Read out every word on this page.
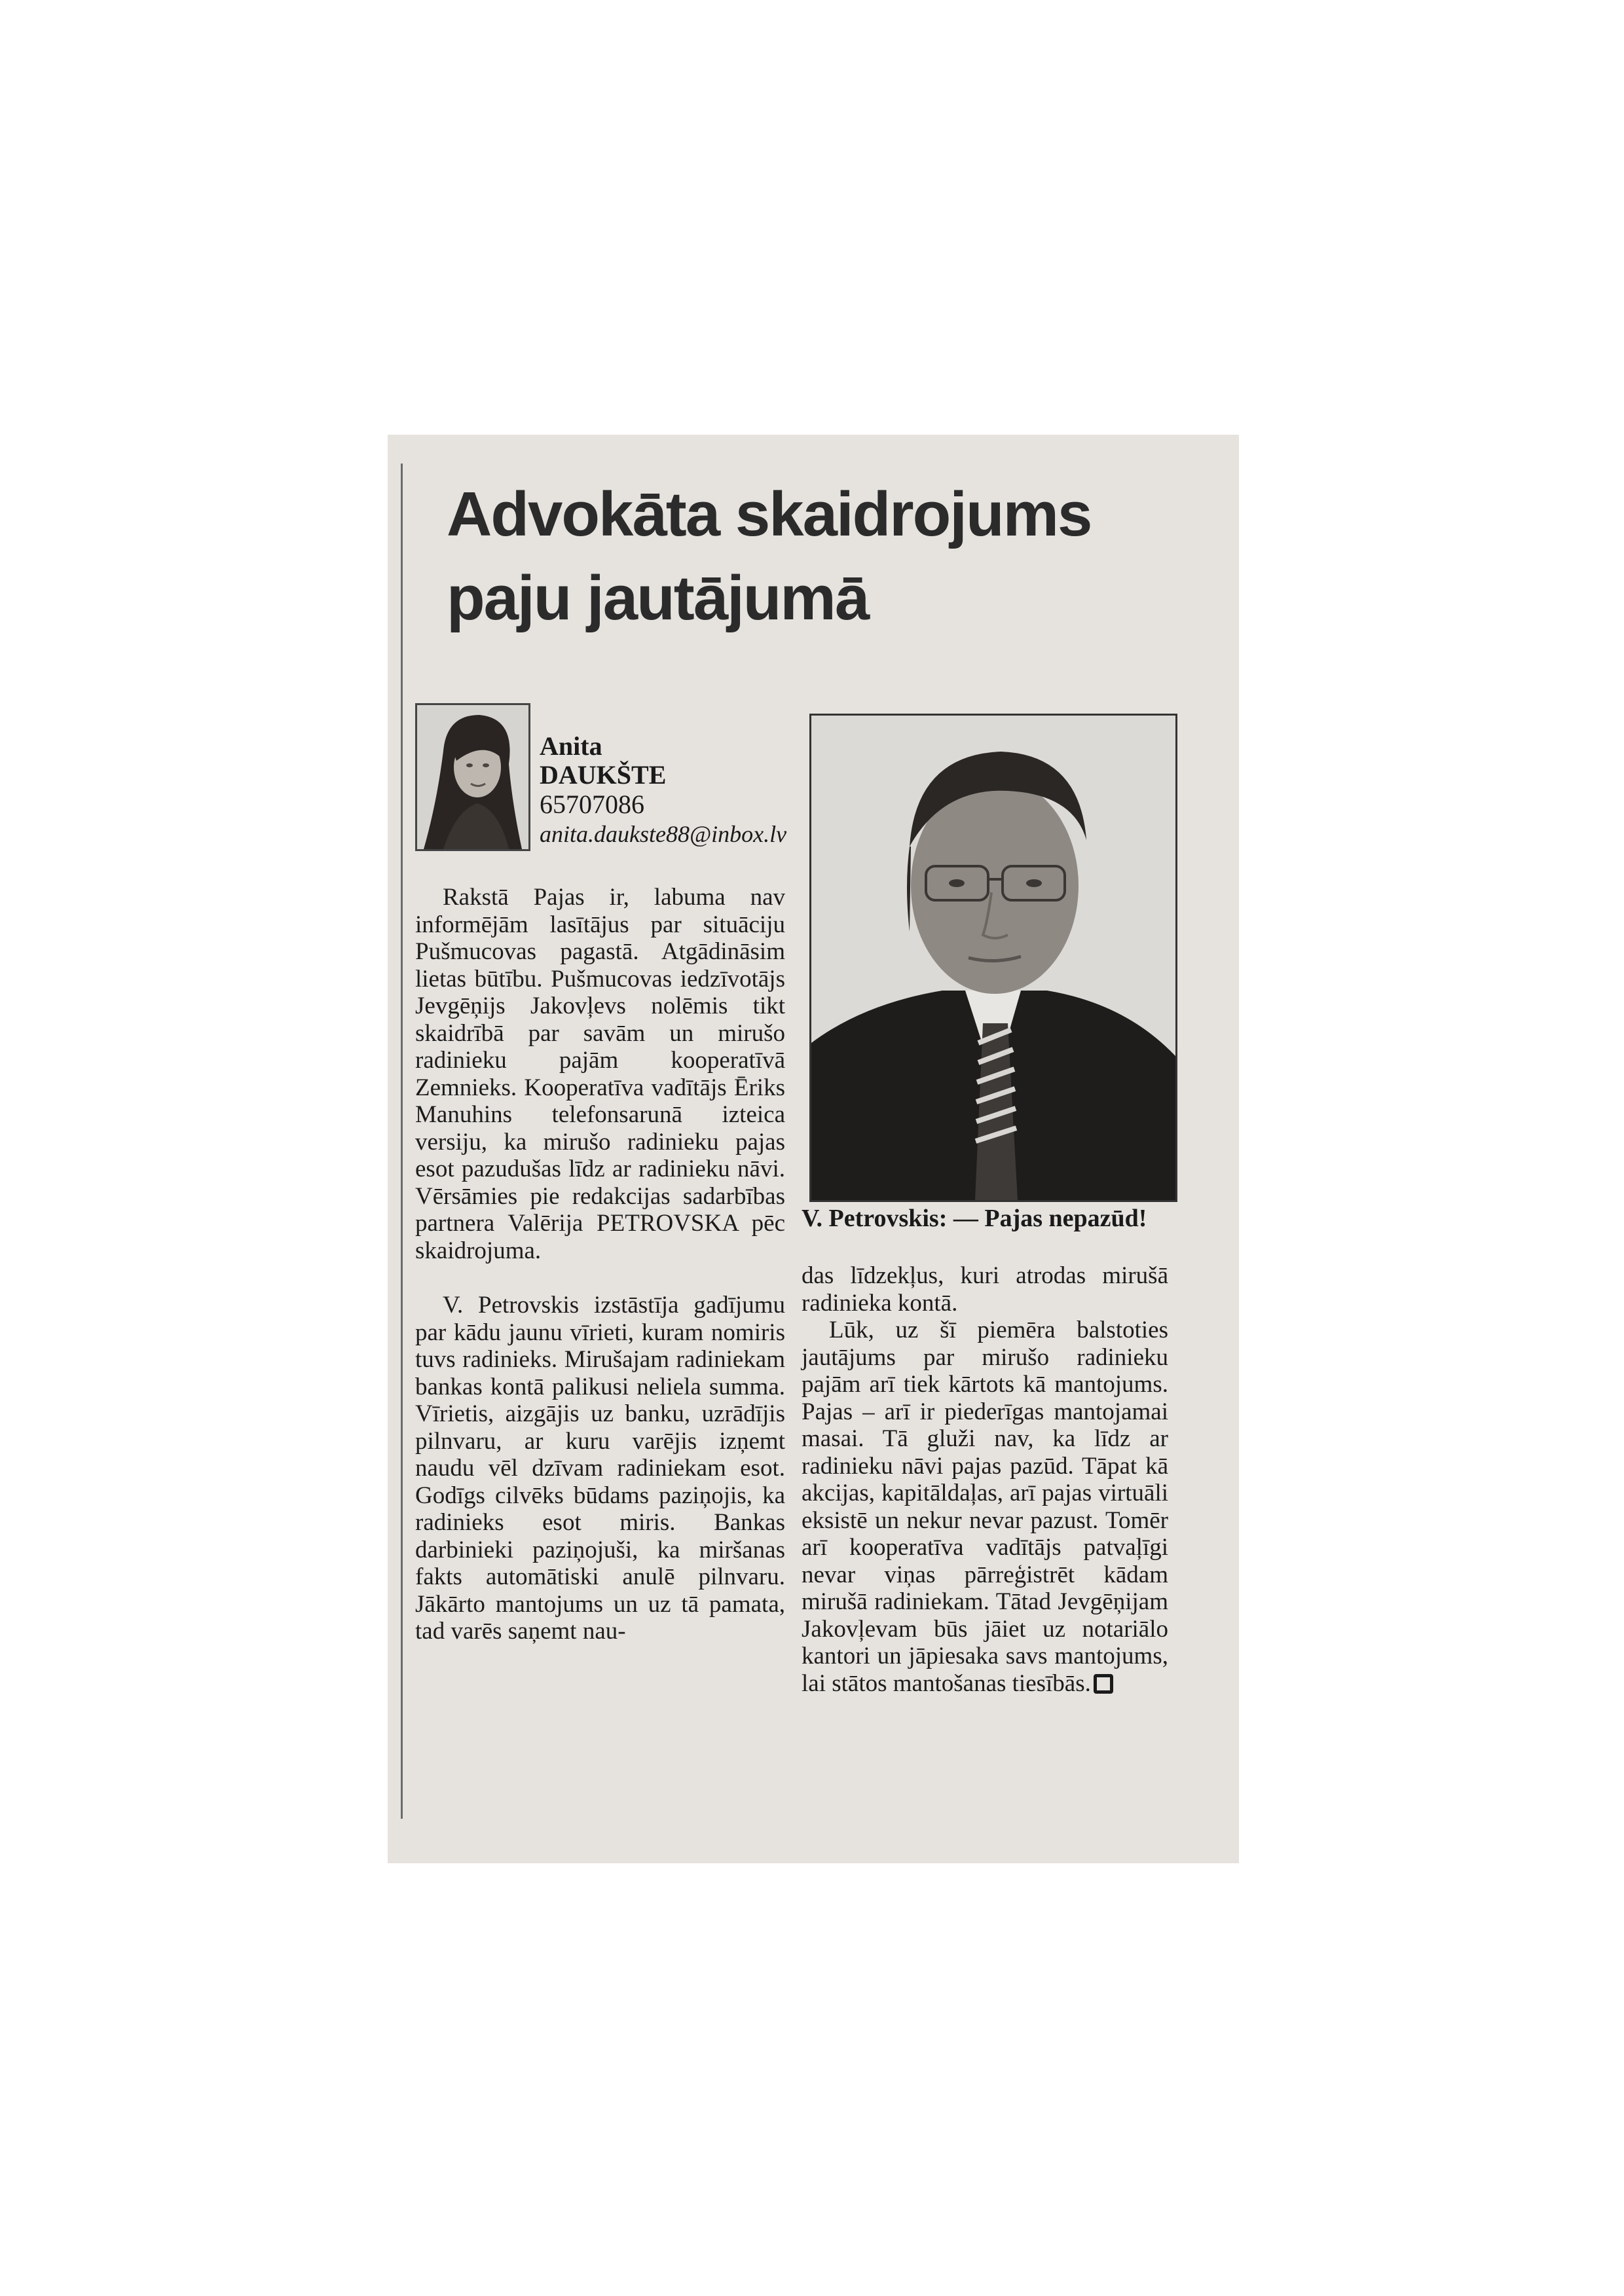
Advokāta skaidrojums
paju jautājumā
Anita
DAUKŠTE
65707086
anita.daukste88@inbox.lv

Rakstā Pajas ir, labuma nav informējām lasītājus par situāciju Pušmucovas pagastā. Atgādināsim lietas būtību. Pušmucovas iedzīvotājs Jevgēņijs Jakovļevs nolēmis tikt skaidrībā par savām un mirušo radinieku pajām kooperatīvā Zemnieks. Kooperatīva vadītājs Ēriks Manuhins telefonsarunā izteica versiju, ka mirušo radinieku pajas esot pazudušas līdz ar radinieku nāvi. Vērsāmies pie redakcijas sadarbības partnera Valērija PETROVSKA pēc skaidrojuma.

V. Petrovskis izstāstīja gadījumu par kādu jaunu vīrieti, kuram nomiris tuvs radinieks. Mirušajam radiniekam bankas kontā palikusi neliela summa. Vīrietis, aizgājis uz banku, uzrādījis pilnvaru, ar kuru varējis izņemt naudu vēl dzīvam radiniekam esot. Godīgs cilvēks būdams paziņojis, ka radinieks esot miris. Bankas darbinieki paziņojuši, ka miršanas fakts automātiski anulē pilnvaru. Jākārto mantojums un uz tā pamata, tad varēs saņemt nau-

V. Petrovskis: — Pajas nepazūd!

das līdzekļus, kuri atrodas mirušā radinieka kontā.

Lūk, uz šī piemēra balstoties jautājums par mirušo radinieku pajām arī tiek kārtots kā mantojums. Pajas – arī ir piederīgas mantojamai masai. Tā gluži nav, ka līdz ar radinieku nāvi pajas pazūd. Tāpat kā akcijas, kapitāldaļas, arī pajas virtuāli eksistē un nekur nevar pazust. Tomēr arī kooperatīva vadītājs patvaļīgi nevar viņas pārreģistrēt kādam mirušā radiniekam. Tātad Jevgēņijam Jakovļevam būs jāiet uz notariālo kantori un jāpiesaka savs mantojums, lai stātos mantošanas tiesībās.
